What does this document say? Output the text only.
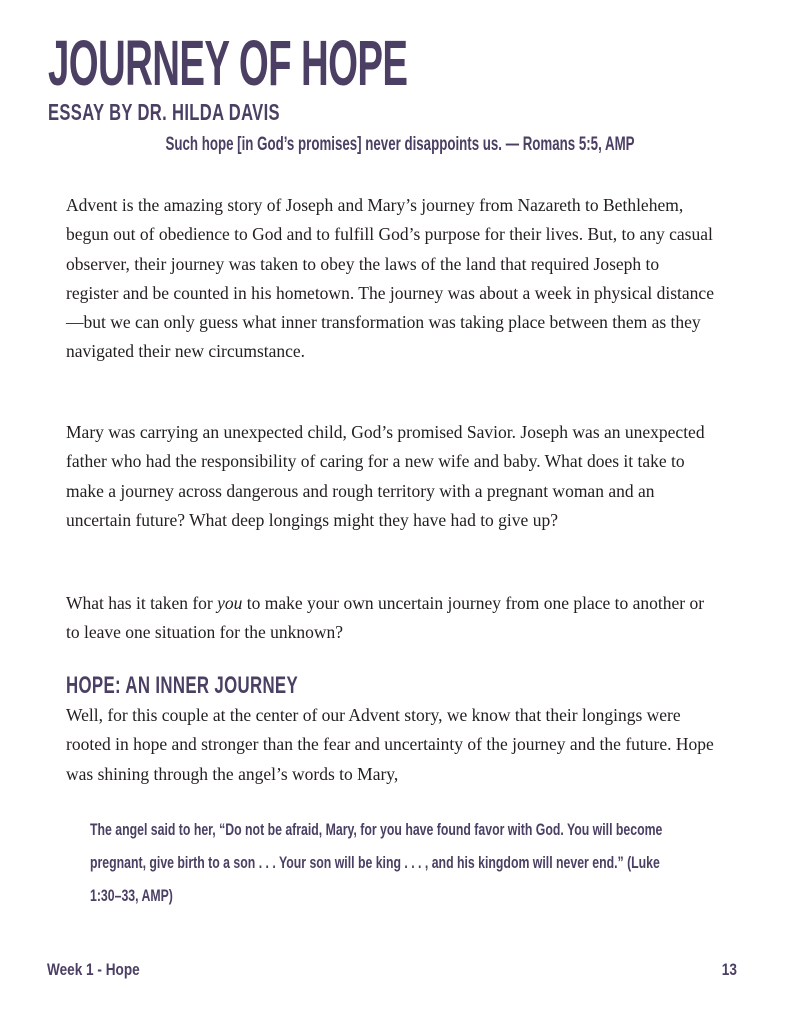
JOURNEY OF HOPE
ESSAY BY DR. HILDA DAVIS
Such hope [in God’s promises] never disappoints us. — Romans 5:5, AMP

Advent is the amazing story of Joseph and Mary’s journey from Nazareth to Bethlehem, begun out of obedience to God and to fulfill God’s purpose for their lives. But, to any casual observer, their journey was taken to obey the laws of the land that required Joseph to register and be counted in his hometown. The journey was about a week in physical distance—but we can only guess what inner transformation was taking place between them as they navigated their new circumstance.

Mary was carrying an unexpected child, God’s promised Savior. Joseph was an unexpected father who had the responsibility of caring for a new wife and baby. What does it take to make a journey across dangerous and rough territory with a pregnant woman and an uncertain future? What deep longings might they have had to give up?

What has it taken for you to make your own uncertain journey from one place to another or to leave one situation for the unknown?

HOPE: AN INNER JOURNEY

Well, for this couple at the center of our Advent story, we know that their longings were rooted in hope and stronger than the fear and uncertainty of the journey and the future. Hope was shining through the angel’s words to Mary,

The angel said to her, “Do not be afraid, Mary, for you have found favor with God. You will become pregnant, give birth to a son . . . Your son will be king . . . , and his kingdom will never end.” (Luke 1:30–33, AMP)
Week 1 - Hope	13
